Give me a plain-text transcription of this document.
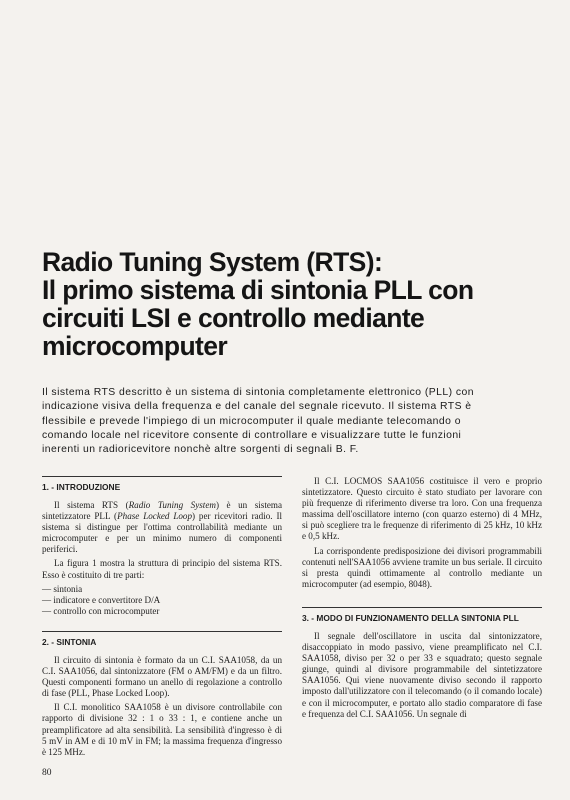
Radio Tuning System (RTS):
Il primo sistema di sintonia PLL con
circuiti LSI e controllo mediante
microcomputer
Il sistema RTS descritto è un sistema di sintonia completamente elettronico (PLL) con
indicazione visiva della frequenza e del canale del segnale ricevuto. Il sistema RTS è
flessibile e prevede l'impiego di un microcomputer il quale mediante telecomando o
comando locale nel ricevitore consente di controllare e visualizzare tutte le funzioni
inerenti un radioricevitore nonchè altre sorgenti di segnali B. F.
1. - INTRODUZIONE

Il sistema RTS (Radio Tuning System) è un sistema sintetizzatore PLL (Phase Locked Loop) per ricevitori radio. Il sistema si distingue per l'ottima controllabilità mediante un microcomputer e per un minimo numero di componenti periferici.

La figura 1 mostra la struttura di principio del sistema RTS. Esso è costituito di tre parti:

— sintonia
— indicatore e convertitore D/A
— controllo con microcomputer
2. - SINTONIA

Il circuito di sintonia è formato da un C.I. SAA1058, da un C.I. SAA1056, dal sintonizzatore (FM o AM/FM) e da un filtro. Questi componenti formano un anello di regolazione a controllo di fase (PLL, Phase Locked Loop).

Il C.I. monolitico SAA1058 è un divisore controllabile con rapporto di divisione 32 : 1 o 33 : 1, e contiene anche un preamplificatore ad alta sensibilità. La sensibilità d'ingresso è di 5 mV in AM e di 10 mV in FM; la massima frequenza d'ingresso è 125 MHz.

Il C.I. LOCMOS SAA1056 costituisce il vero e proprio sintetizzatore. Questo circuito è stato studiato per lavorare con più frequenze di riferimento diverse tra loro. Con una frequenza massima dell'oscillatore interno (con quarzo esterno) di 4 MHz, si può scegliere tra le frequenze di riferimento di 25 kHz, 10 kHz e 0,5 kHz.

La corrispondente predisposizione dei divisori programmabili contenuti nell'SAA1056 avviene tramite un bus seriale. Il circuito si presta quindi ottimamente al controllo mediante un microcomputer (ad esempio, 8048).

3. - MODO DI FUNZIONAMENTO DELLA SINTONIA PLL

Il segnale dell'oscillatore in uscita dal sintonizzatore, disaccoppiato in modo passivo, viene preamplificato nel C.I. SAA1058, diviso per 32 o per 33 e squadrato; questo segnale giunge, quindi al divisore programmabile del sintetizzatore SAA1056. Qui viene nuovamente diviso secondo il rapporto imposto dall'utilizzatore con il telecomando (o il comando locale) e con il microcomputer, e portato allo stadio comparatore di fase e frequenza del C.I. SAA1056. Un segnale di

80
